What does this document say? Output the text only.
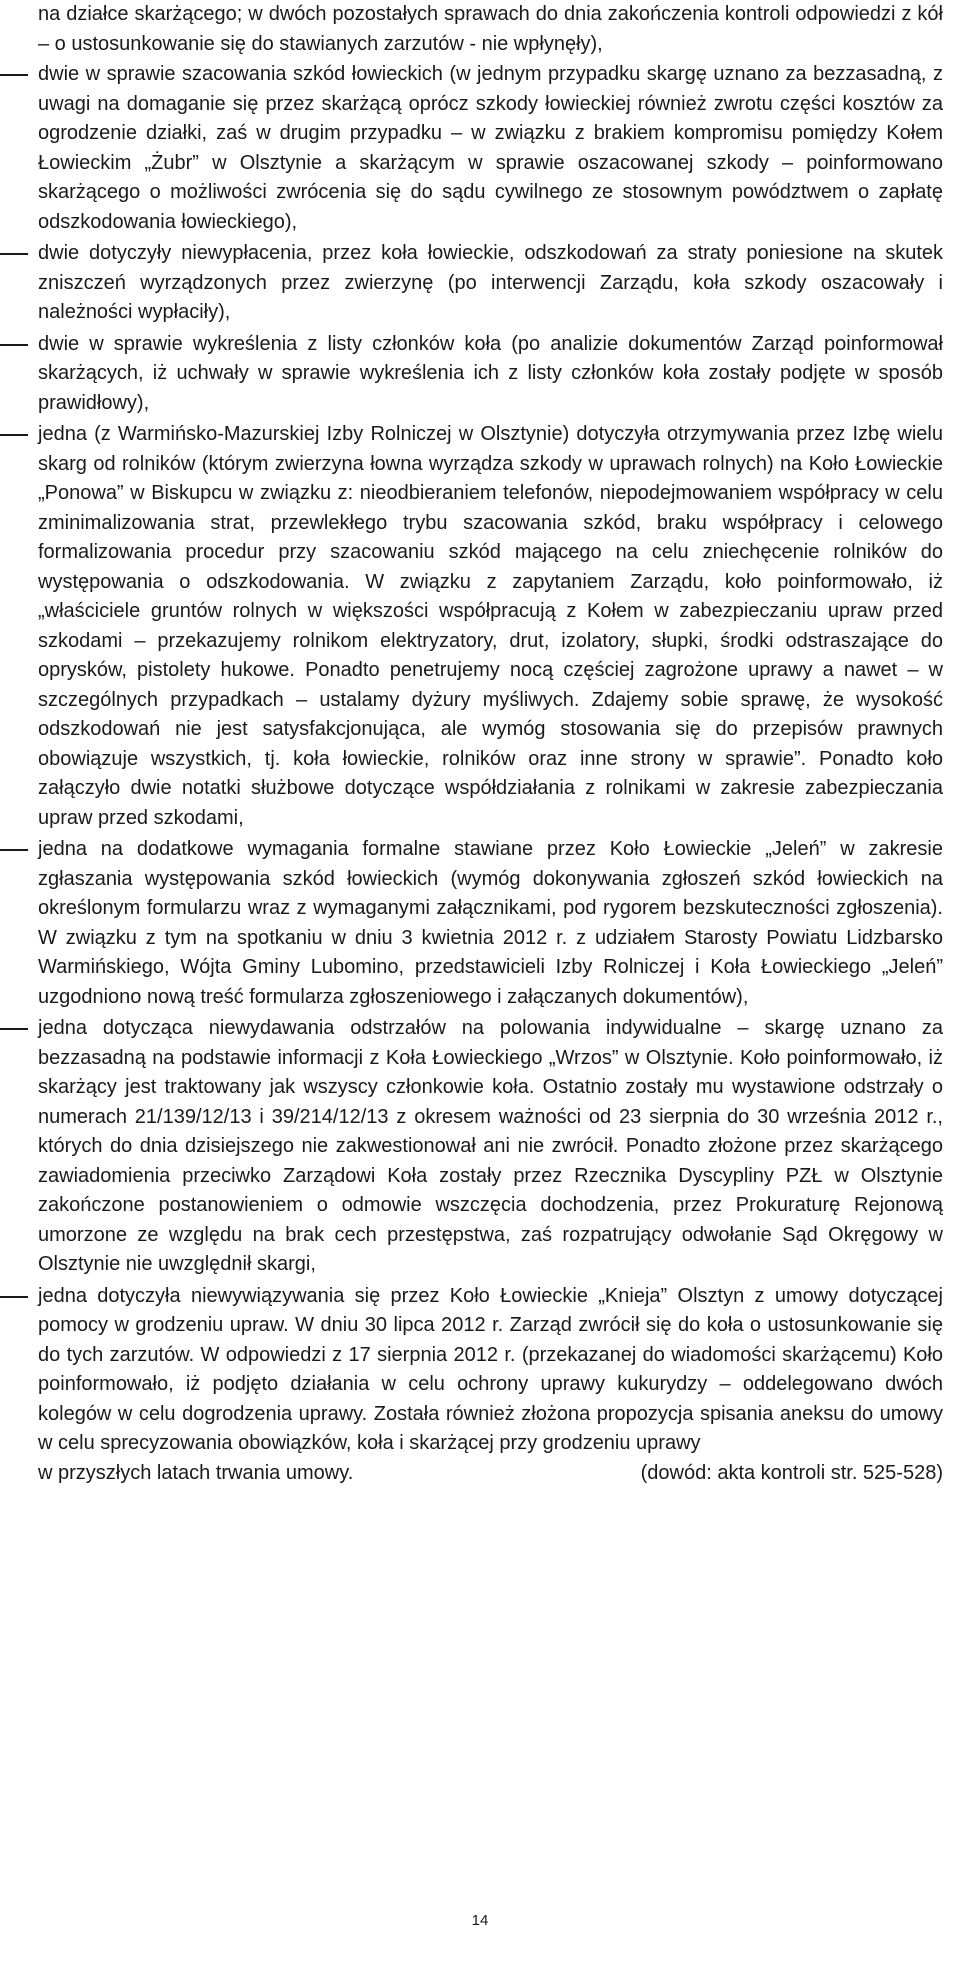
na działce skarżącego; w dwóch pozostałych sprawach do dnia zakończenia kontroli odpowiedzi z kół – o ustosunkowanie się do stawianych zarzutów - nie wpłynęły),

dwie w sprawie szacowania szkód łowieckich (w jednym przypadku skargę uznano za bezzasadną, z uwagi na domaganie się przez skarżącą oprócz szkody łowieckiej również zwrotu części kosztów za ogrodzenie działki, zaś w drugim przypadku – w związku z brakiem kompromisu pomiędzy Kołem Łowieckim „Żubr” w Olsztynie a skarżącym w sprawie oszacowanej szkody – poinformowano skarżącego o możliwości zwrócenia się do sądu cywilnego ze stosownym powództwem o zapłatę odszkodowania łowieckiego),
dwie dotyczyły niewypłacenia, przez koła łowieckie, odszkodowań za straty poniesione na skutek zniszczeń wyrządzonych przez zwierzynę (po interwencji Zarządu, koła szkody oszacowały i należności wypłaciły),
dwie w sprawie wykreślenia z listy członków koła (po analizie dokumentów Zarząd poinformował skarżących, iż uchwały w sprawie wykreślenia ich z listy członków koła zostały podjęte w sposób prawidłowy),
jedna (z Warmińsko-Mazurskiej Izby Rolniczej w Olsztynie) dotyczyła otrzymywania przez Izbę wielu skarg od rolników (którym zwierzyna łowna wyrządza szkody w uprawach rolnych) na Koło Łowieckie „Ponowa” w Biskupcu w związku z: nieodbieraniem telefonów, niepodejmowaniem współpracy w celu zminimalizowania strat, przewlekłego trybu szacowania szkód, braku współpracy i celowego formalizowania procedur przy szacowaniu szkód mającego na celu zniechęcenie rolników do występowania o odszkodowania. W związku z zapytaniem Zarządu, koło poinformowało, iż „właściciele gruntów rolnych w większości współpracują z Kołem w zabezpieczaniu upraw przed szkodami – przekazujemy rolnikom elektryzatory, drut, izolatory, słupki, środki odstraszające do oprysków, pistolety hukowe. Ponadto penetrujemy nocą częściej zagrożone uprawy a nawet – w szczególnych przypadkach – ustalamy dyżury myśliwych. Zdajemy sobie sprawę, że wysokość odszkodowań nie jest satysfakcjonująca, ale wymóg stosowania się do przepisów prawnych obowiązuje wszystkich, tj. koła łowieckie, rolników oraz inne strony w sprawie”. Ponadto koło załączyło dwie notatki służbowe dotyczące współdziałania z rolnikami w zakresie zabezpieczania upraw przed szkodami,
jedna na dodatkowe wymagania formalne stawiane przez Koło Łowieckie „Jeleń” w zakresie zgłaszania występowania szkód łowieckich (wymóg dokonywania zgłoszeń szkód łowieckich na określonym formularzu wraz z wymaganymi załącznikami, pod rygorem bezskuteczności zgłoszenia). W związku z tym na spotkaniu w dniu 3 kwietnia 2012 r. z udziałem Starosty Powiatu Lidzbarsko Warmińskiego, Wójta Gminy Lubomino, przedstawicieli Izby Rolniczej i Koła Łowieckiego „Jeleń” uzgodniono nową treść formularza zgłoszeniowego i załączanych dokumentów),
jedna dotycząca niewydawania odstrzałów na polowania indywidualne – skargę uznano za bezzasadną na podstawie informacji z Koła Łowieckiego „Wrzos” w Olsztynie. Koło poinformowało, iż skarżący jest traktowany jak wszyscy członkowie koła. Ostatnio zostały mu wystawione odstrzały o numerach 21/139/12/13 i 39/214/12/13 z okresem ważności od 23 sierpnia do 30 września 2012 r., których do dnia dzisiejszego nie zakwestionował ani nie zwrócił. Ponadto złożone przez skarżącego zawiadomienia przeciwko Zarządowi Koła zostały przez Rzecznika Dyscypliny PZŁ w Olsztynie zakończone postanowieniem o odmowie wszczęcia dochodzenia, przez Prokuraturę Rejonową umorzone ze względu na brak cech przestępstwa, zaś rozpatrujący odwołanie Sąd Okręgowy w Olsztynie nie uwzględnił skargi,
jedna dotyczyła niewywiązywania się przez Koło Łowieckie „Knieja” Olsztyn z umowy dotyczącej pomocy w grodzeniu upraw. W dniu 30 lipca 2012 r. Zarząd zwrócił się do koła o ustosunkowanie się do tych zarzutów. W odpowiedzi z 17 sierpnia 2012 r. (przekazanej do wiadomości skarżącemu) Koło poinformowało, iż podjęto działania w celu ochrony uprawy kukurydzy – oddelegowano dwóch kolegów w celu dogrodzenia uprawy. Została również złożona propozycja spisania aneksu do umowy w celu sprecyzowania obowiązków, koła i skarżącej przy grodzeniu uprawy
w przyszłych latach trwania umowy.	(dowód: akta kontroli str. 525-528)
14
